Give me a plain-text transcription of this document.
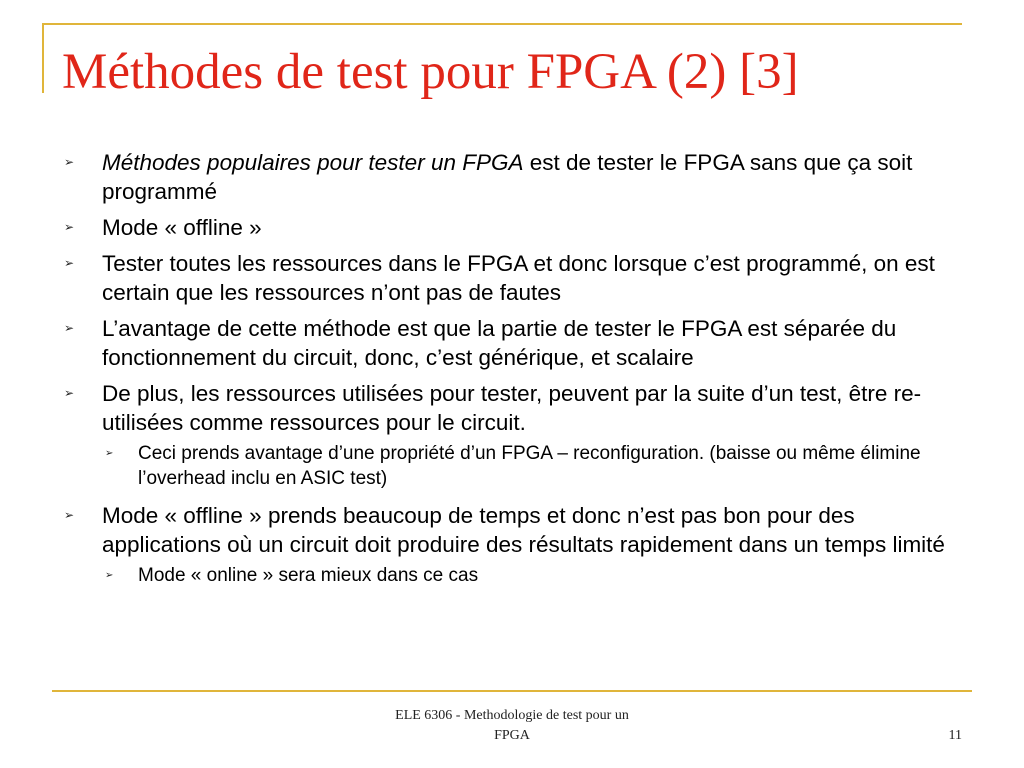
Méthodes de test pour FPGA (2) [3]
➢ Méthodes populaires pour tester un FPGA est de tester le FPGA sans que ça soit programmé
➢ Mode « offline »
➢ Tester toutes les ressources dans le FPGA et donc lorsque c’est programmé, on est certain que les ressources n’ont pas de fautes
➢ L’avantage de cette méthode est que la partie de tester le FPGA est séparée du fonctionnement du circuit, donc, c’est générique, et scalaire
➢ De plus, les ressources utilisées pour tester, peuvent par la suite d’un test, être re-utilisées comme ressources pour le circuit.
➢ Ceci prends avantage d’une propriété d’un FPGA – reconfiguration. (baisse ou même élimine l’overhead inclu en ASIC test)
➢ Mode « offline » prends beaucoup de temps et donc n’est pas bon pour des applications où un circuit doit produire des résultats rapidement dans un temps limité
➢ Mode « online » sera mieux dans ce cas
ELE 6306 - Methodologie de test pour un
FPGA	11
